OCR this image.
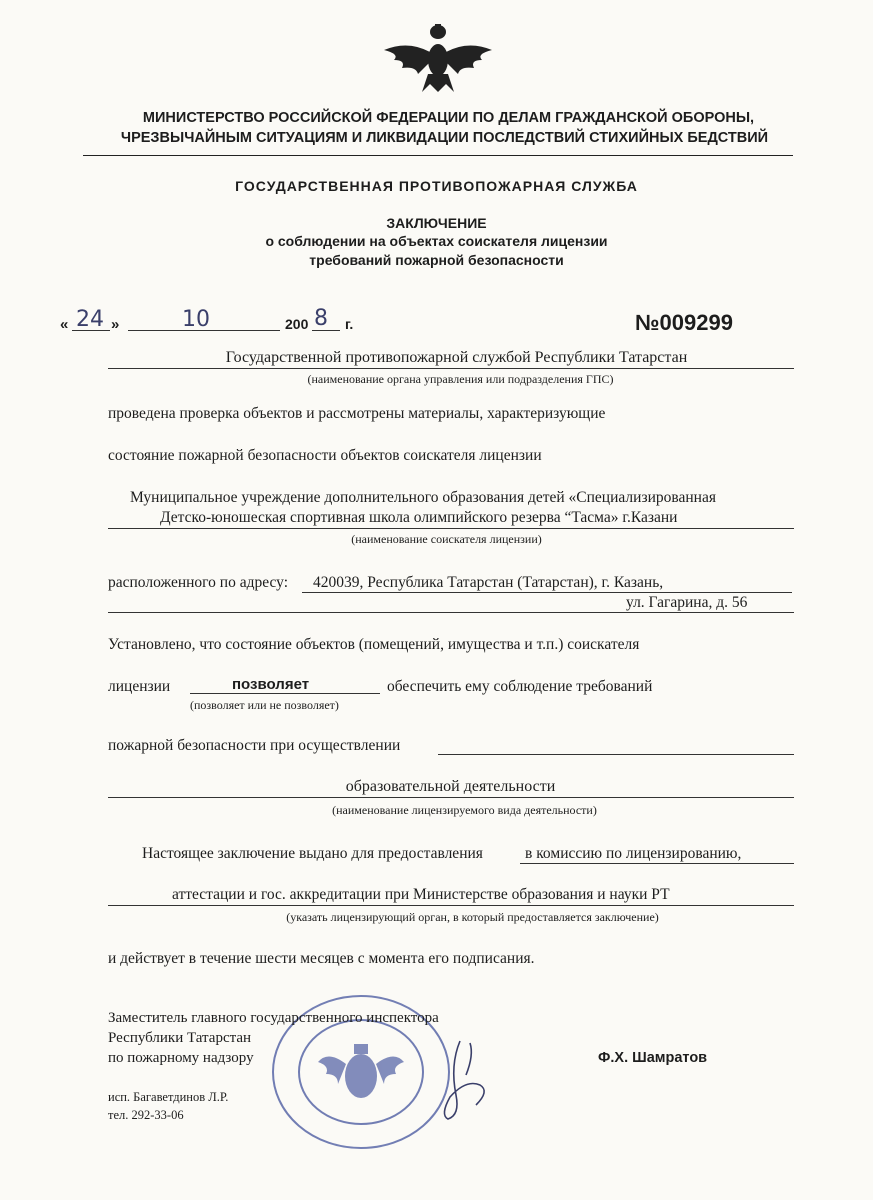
МИНИСТЕРСТВО РОССИЙСКОЙ ФЕДЕРАЦИИ ПО ДЕЛАМ ГРАЖДАНСКОЙ ОБОРОНЫ,
ЧРЕЗВЫЧАЙНЫМ СИТУАЦИЯМ И ЛИКВИДАЦИИ ПОСЛЕДСТВИЙ СТИХИЙНЫХ БЕДСТВИЙ
ГОСУДАРСТВЕННАЯ ПРОТИВОПОЖАРНАЯ СЛУЖБА
ЗАКЛЮЧЕНИЕ
о соблюдении на объектах соискателя лицензии
требований пожарной безопасности
« 24 »	10	200 8 г.	№009299
Государственной противопожарной службой Республики Татарстан
(наименование органа управления или подразделения ГПС)
проведена проверка объектов и рассмотрены материалы, характеризующие
состояние пожарной безопасности объектов соискателя лицензии
Муниципальное учреждение дополнительного образования детей «Специализированная
Детско-юношеская спортивная школа олимпийского резерва “Тасма» г.Казани
(наименование соискателя лицензии)
расположенного по адресу: 420039, Республика Татарстан (Татарстан), г. Казань,
ул. Гагарина, д. 56
Установлено, что состояние объектов (помещений, имущества и т.п.) соискателя
лицензии	позволяет	обеспечить ему соблюдение требований
(позволяет или не позволяет)
пожарной безопасности при осуществлении
образовательной деятельности
(наименование лицензируемого вида деятельности)
Настоящее заключение выдано для предоставления	в комиссию по лицензированию,
аттестации и гос. аккредитации при Министерстве образования и науки РТ
(указать лицензирующий орган, в который предоставляется заключение)
и действует в течение шести месяцев с момента его подписания.
Заместитель главного государственного инспектора
Республики Татарстан
по пожарному надзору	Ф.Х. Шамратов
исп. Багаветдинов Л.Р.
тел. 292-33-06
